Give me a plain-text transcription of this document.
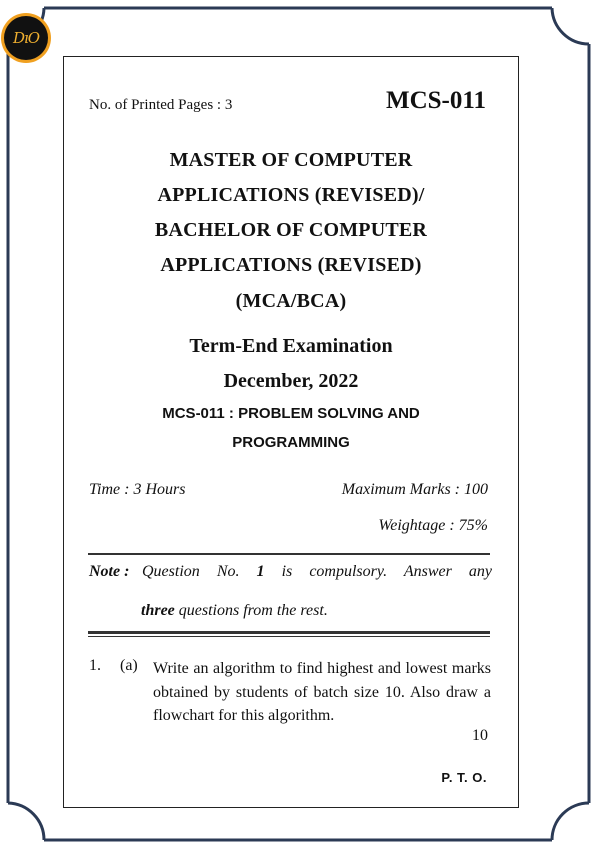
DıO
No. of Printed Pages : 3	MCS-011
MASTER OF COMPUTER
APPLICATIONS (REVISED)/
BACHELOR OF COMPUTER
APPLICATIONS (REVISED)
(MCA/BCA)
Term-End Examination
December, 2022
MCS-011 : PROBLEM SOLVING AND
PROGRAMMING
Time : 3 Hours	Maximum Marks : 100
Weightage : 75%
Note : Question No. 1 is compulsory. Answer any
three questions from the rest.
1. (a) Write an algorithm to find highest and lowest marks obtained by students of batch size 10. Also draw a flowchart for this algorithm.
10
P. T. O.
